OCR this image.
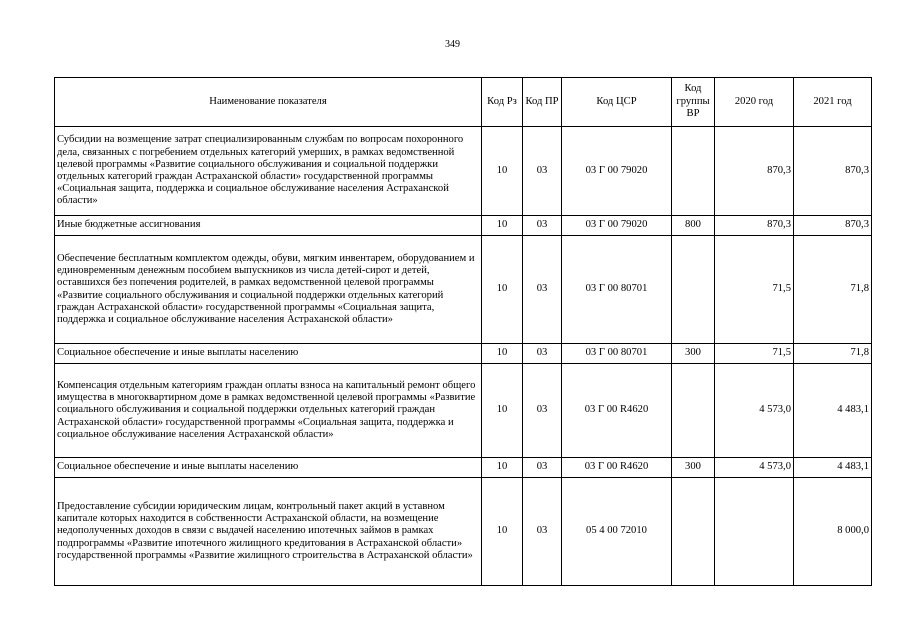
349
Наименование показателя	Код Рз	Код ПР	Код ЦСР	Код группы ВР	2020 год	2021 год
Субсидии на возмещение затрат специализированным службам по вопросам похоронного дела, связанных с погребением отдельных категорий умерших, в рамках ведомственной целевой программы «Развитие социального обслуживания и социальной поддержки отдельных категорий граждан Астраханской области» государственной программы «Социальная защита, поддержка и социальное обслуживание населения Астраханской области»	10	03	03 Г 00 79020		870,3	870,3
Иные бюджетные ассигнования	10	03	03 Г 00 79020	800	870,3	870,3
Обеспечение бесплатным комплектом одежды, обуви, мягким инвентарем, оборудованием и единовременным денежным пособием выпускников из числа детей-сирот и детей, оставшихся без попечения родителей, в рамках ведомственной целевой программы «Развитие социального обслуживания и социальной поддержки отдельных категорий граждан Астраханской области» государственной программы «Социальная защита, поддержка и социальное обслуживание населения Астраханской области»	10	03	03 Г 00 80701		71,5	71,8
Социальное обеспечение и иные выплаты населению	10	03	03 Г 00 80701	300	71,5	71,8
Компенсация отдельным категориям граждан оплаты взноса на капитальный ремонт общего имущества в многоквартирном доме в рамках ведомственной целевой программы «Развитие социального обслуживания и социальной поддержки отдельных категорий граждан Астраханской области» государственной программы «Социальная защита, поддержка и социальное обслуживание населения Астраханской области»	10	03	03 Г 00 R4620		4 573,0	4 483,1
Социальное обеспечение и иные выплаты населению	10	03	03 Г 00 R4620	300	4 573,0	4 483,1
Предоставление субсидии юридическим лицам, контрольный пакет акций в уставном капитале которых находится в собственности Астраханской области, на возмещение недополученных доходов в связи с выдачей населению ипотечных займов в рамках подпрограммы «Развитие ипотечного жилищного кредитования в Астраханской области» государственной программы «Развитие жилищного строительства в Астраханской области»	10	03	05 4 00 72010			8 000,0
